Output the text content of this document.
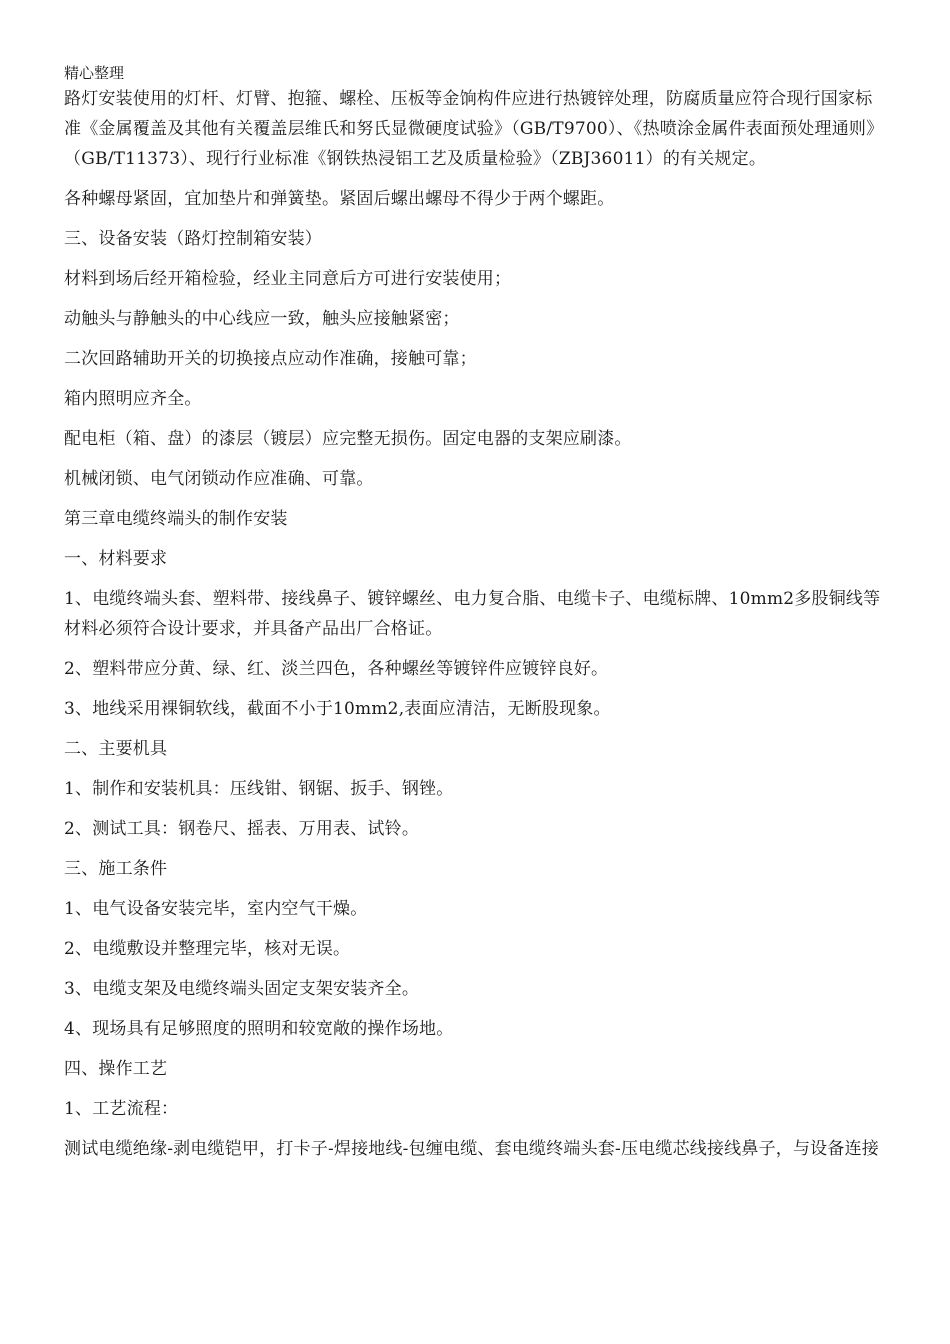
精心整理

路灯安装使用的灯杆、灯臂、抱箍、螺栓、压板等金饷构件应进行热镀锌处理，防腐质量应符合现行国家标准《金属覆盖及其他有关覆盖层维氏和努氏显微硬度试验》（GB/T9700）、《热喷涂金属件表面预处理通则》（GB/T11373）、现行行业标准《钢铁热浸铝工艺及质量检验》（ZBJ36011）的有关规定。

各种螺母紧固，宜加垫片和弹簧垫。紧固后螺出螺母不得少于两个螺距。

三、设备安装（路灯控制箱安装）

材料到场后经开箱检验，经业主同意后方可进行安装使用；

动触头与静触头的中心线应一致，触头应接触紧密；

二次回路辅助开关的切换接点应动作准确，接触可靠；

箱内照明应齐全。

配电柜（箱、盘）的漆层（镀层）应完整无损伤。固定电器的支架应刷漆。

机械闭锁、电气闭锁动作应准确、可靠。

第三章电缆终端头的制作安装

一、材料要求

1、电缆终端头套、塑料带、接线鼻子、镀锌螺丝、电力复合脂、电缆卡子、电缆标牌、10mm2多股铜线等材料必须符合设计要求，并具备产品出厂合格证。

2、塑料带应分黄、绿、红、淡兰四色，各种螺丝等镀锌件应镀锌良好。

3、地线采用裸铜软线，截面不小于10mm2,表面应清洁，无断股现象。

二、主要机具

1、制作和安装机具：压线钳、钢锯、扳手、钢锉。

2、测试工具：钢卷尺、摇表、万用表、试铃。

三、施工条件

1、电气设备安装完毕，室内空气干燥。

2、电缆敷设并整理完毕，核对无误。

3、电缆支架及电缆终端头固定支架安装齐全。

4、现场具有足够照度的照明和较宽敞的操作场地。

四、操作工艺

1、工艺流程：

测试电缆绝缘-剥电缆铠甲，打卡子-焊接地线-包缠电缆、套电缆终端头套-压电缆芯线接线鼻子，与设备连接
